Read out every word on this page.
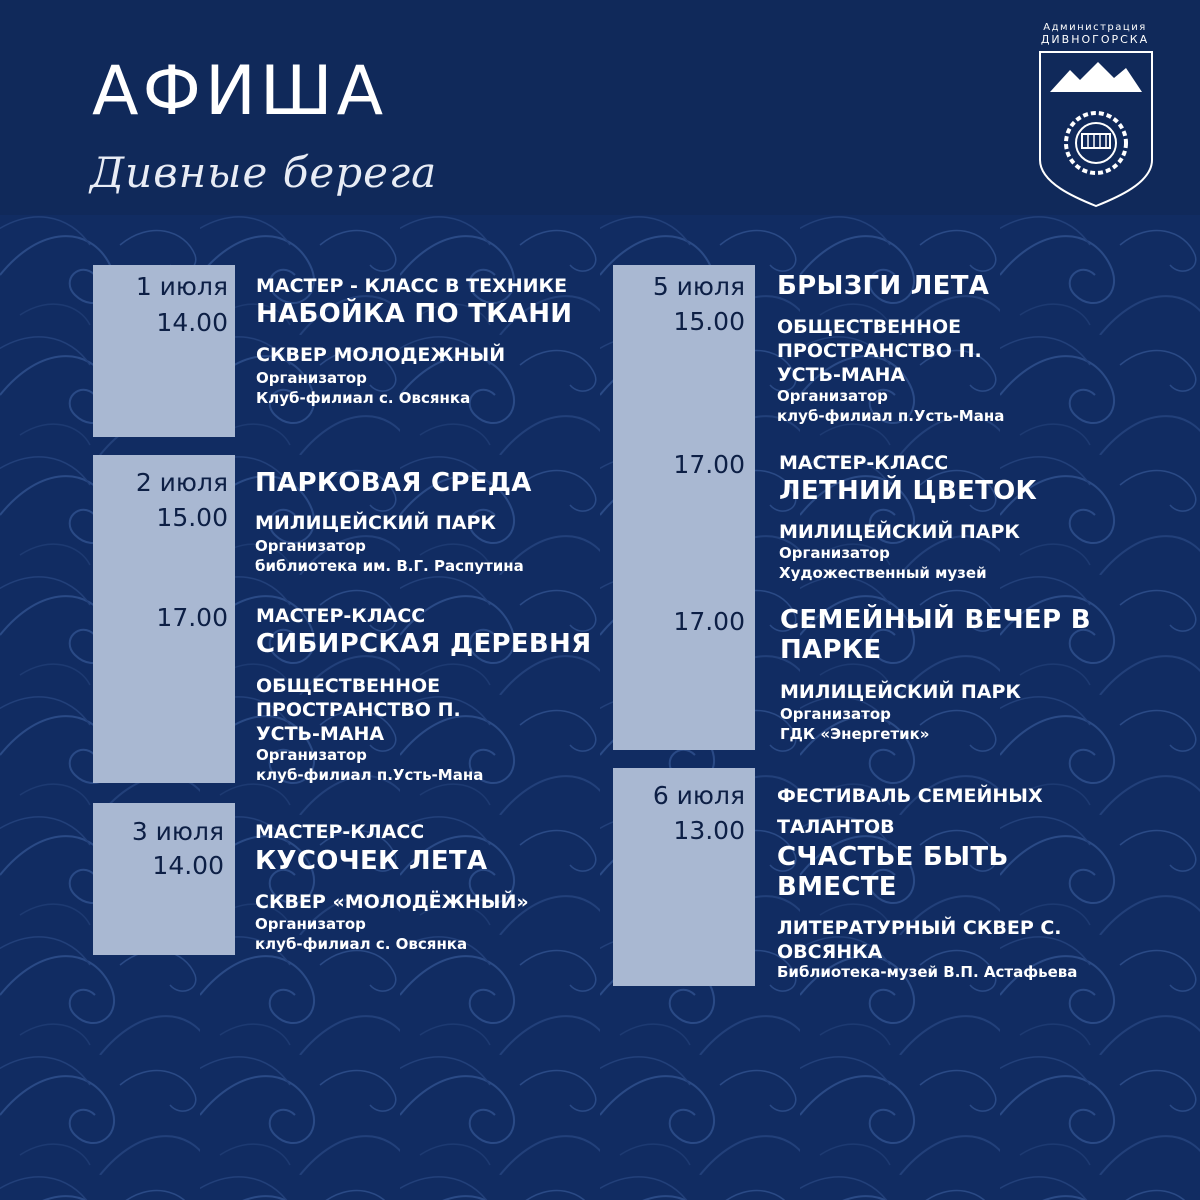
АФИША
Дивные берега
Администрация
ДИВНОГОРСКА
1 июля
14.00
МАСТЕР - КЛАСС В ТЕХНИКЕ
НАБОЙКА ПО ТКАНИ
СКВЕР МОЛОДЕЖНЫЙ
Организатор
Клуб-филиал с. Овсянка
2 июля
15.00
ПАРКОВАЯ СРЕДА
МИЛИЦЕЙСКИЙ ПАРК
Организатор
библиотека им. В.Г. Распутина
17.00 МАСТЕР-КЛАСС
СИБИРСКАЯ ДЕРЕВНЯ
ОБЩЕСТВЕННОЕ
ПРОСТРАНСТВО П.
УСТЬ-МАНА
Организатор
клуб-филиал п.Усть-Мана
3 июля
14.00
МАСТЕР-КЛАСС
КУСОЧЕК ЛЕТА
СКВЕР «МОЛОДЁЖНЫЙ»
Организатор
клуб-филиал с. Овсянка
5 июля
15.00
БРЫЗГИ ЛЕТА
ОБЩЕСТВЕННОЕ
ПРОСТРАНСТВО П.
УСТЬ-МАНА
Организатор
клуб-филиал п.Усть-Мана
17.00 МАСТЕР-КЛАСС
ЛЕТНИЙ ЦВЕТОК
МИЛИЦЕЙСКИЙ ПАРК
Организатор
Художественный музей
17.00 СЕМЕЙНЫЙ ВЕЧЕР В
ПАРКЕ
МИЛИЦЕЙСКИЙ ПАРК
Организатор
ГДК «Энергетик»
6 июля
13.00
ФЕСТИВАЛЬ СЕМЕЙНЫХ
ТАЛАНТОВ
СЧАСТЬЕ БЫТЬ
ВМЕСТЕ
ЛИТЕРАТУРНЫЙ СКВЕР С.
ОВСЯНКА
Библиотека-музей В.П. Астафьева
